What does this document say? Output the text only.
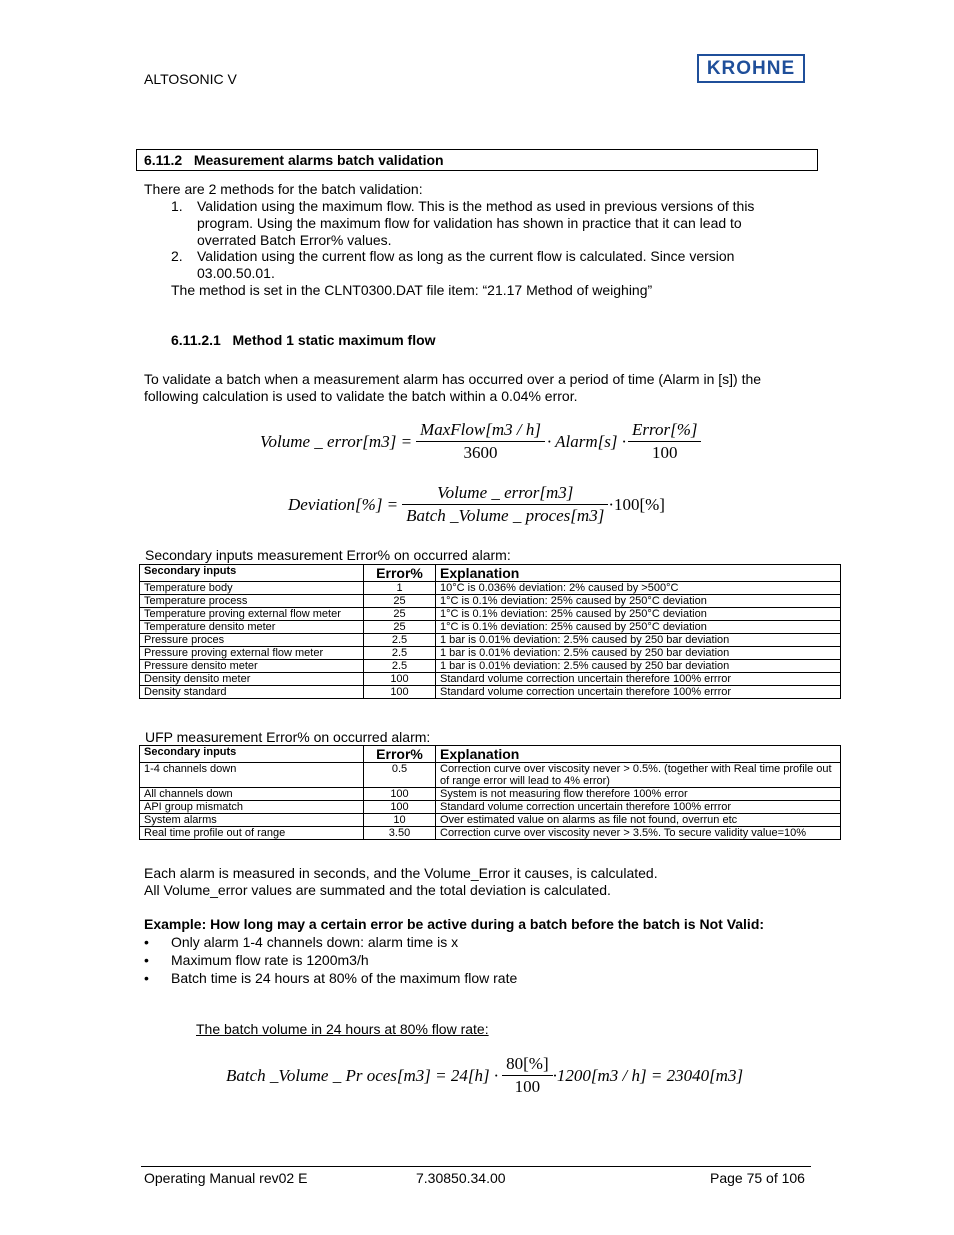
ALTOSONIC V
KROHNE
6.11.2 Measurement alarms batch validation
There are 2 methods for the batch validation:
1. Validation using the maximum flow. This is the method as used in previous versions of this program. Using the maximum flow for validation has shown in practice that it can lead to overrated Batch Error% values.
2. Validation using the current flow as long as the current flow is calculated. Since version 03.00.50.01.
The method is set in the CLNT0300.DAT file item: “21.17 Method of weighing”
6.11.2.1 Method 1 static maximum flow
To validate a batch when a measurement alarm has occurred over a period of time (Alarm in [s]) the following calculation is used to validate the batch within a 0.04% error.
Volume _ error[m3] = $\frac{\text{MaxFlow[m3 / h]}}{3600}$ · Alarm[s] · $\frac{\text{Error[\%]}}{100}$
Deviation[%] = $\frac{\text{Volume \_ error[m3]}}{\text{Batch \_Volume \_ proces[m3]}} \cdot 100[\%]$
Secondary inputs measurement Error% on occurred alarm:
Secondary inputs	Error%	Explanation
Temperature body	1	10°C is 0.036% deviation: 2% caused by >500°C
Temperature process	25	1°C is 0.1% deviation: 25% caused by 250°C deviation
Temperature proving external flow meter	25	1°C is 0.1% deviation: 25% caused by 250°C deviation
Temperature densito meter	25	1°C is 0.1% deviation: 25% caused by 250°C deviation
Pressure proces	2.5	1 bar is 0.01% deviation: 2.5% caused by 250 bar deviation
Pressure proving external flow meter	2.5	1 bar is 0.01% deviation: 2.5% caused by 250 bar deviation
Pressure densito meter	2.5	1 bar is 0.01% deviation: 2.5% caused by 250 bar deviation
Density densito meter	100	Standard volume correction uncertain therefore 100% errror
Density standard	100	Standard volume correction uncertain therefore 100% errror
UFP measurement Error% on occurred alarm:
Secondary inputs	Error%	Explanation
1-4 channels down	0.5	Correction curve over viscosity never > 0.5%. (together with Real time profile out of range error will lead to 4% error)
All channels down	100	System is not measuring flow therefore 100% error
API group mismatch	100	Standard volume correction uncertain therefore 100% errror
System alarms	10	Over estimated value on alarms as file not found, overrun etc
Real time profile out of range	3.50	Correction curve over viscosity never > 3.5%. To secure validity value=10%
Each alarm is measured in seconds, and the Volume_Error it causes, is calculated.
All Volume_error values are summated and the total deviation is calculated.
Example: How long may a certain error be active during a batch before the batch is Not Valid:
• Only alarm 1-4 channels down: alarm time is x
• Maximum flow rate is 1200m3/h
• Batch time is 24 hours at 80% of the maximum flow rate
The batch volume in 24 hours at 80% flow rate:
Batch _Volume _ Pr oces[m3] = $24[h] \cdot \frac{80[\%]}{100} \cdot 1200[m3 / h] = 23040[m3]$
Operating Manual rev02 E	7.30850.34.00	Page 75 of 106
